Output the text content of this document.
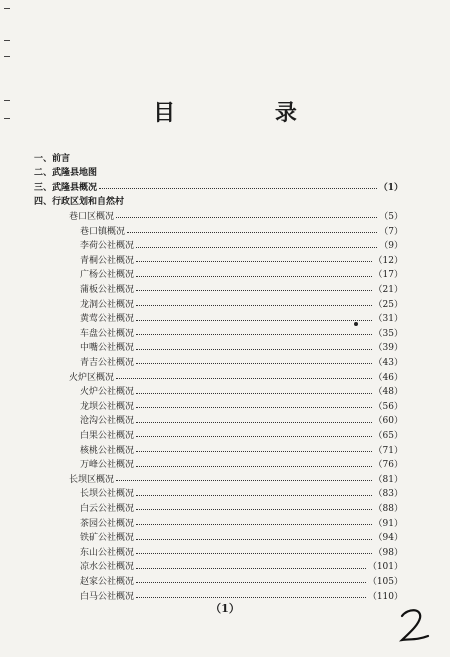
目 录
一、前言
二、武隆县地图
三、武隆县概况	（1）
四、行政区划和自然村
巷口区概况	（5）
巷口镇概况	（7）
李荷公社概况	（9）
青桐公社概况	（12）
广杨公社概况	（17）
蒲板公社概况	（21）
龙洞公社概况	（25）
黄莺公社概况	（31）
车盘公社概况	（35）
中嘴公社概况	（39）
青吉公社概况	（43）
火炉区概况	（46）
火炉公社概况	（48）
龙坝公社概况	（56）
沧沟公社概况	（60）
白果公社概况	（65）
核桃公社概况	（71）
万峰公社概况	（76）
长坝区概况	（81）
长坝公社概况	（83）
白云公社概况	（88）
茶园公社概况	（91）
铁矿公社概况	（94）
东山公社概况	（98）
凉水公社概况	（101）
赵家公社概况	（105）
白马公社概况	（110）
（1）
